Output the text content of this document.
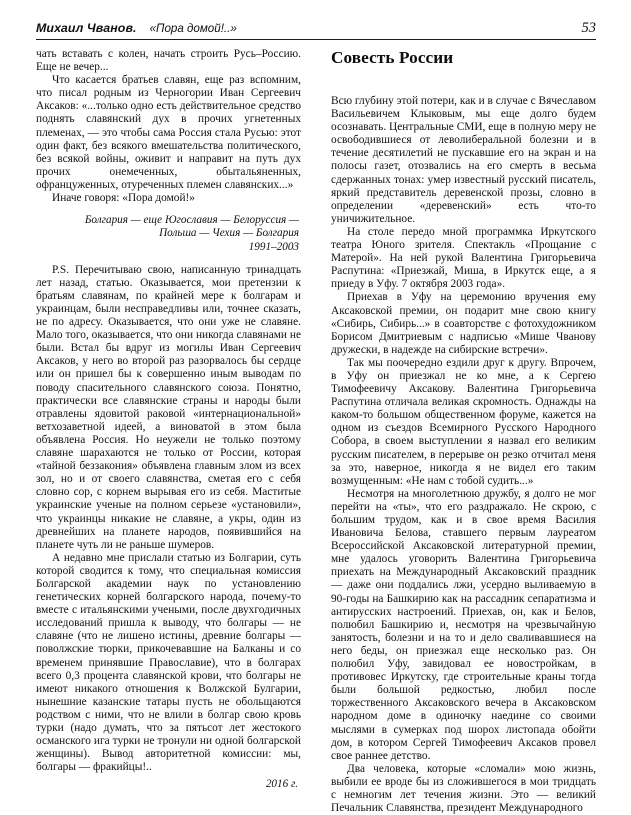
Михаил Чванов. «Пора домой!..»	53

чать вставать с колен, начать строить Русь–Россию. Еще не вечер...

Что касается братьев славян, еще раз вспомним, что писал родным из Черногории Иван Сергеевич Аксаков: «...только одно есть действительное средство поднять славянский дух в прочих угнетенных племенах, — это чтобы сама Россия стала Русью: этот один факт, без всякого вмешательства политического, без всякой войны, оживит и направит на путь дух прочих онемеченных, обытальяненных, офранцуженных, отуреченных племен славянских...»

Иначе говоря: «Пора домой!»

Болгария — еще Югославия — Белоруссия —
Польша — Чехия — Болгария
1991–2003

P.S. Перечитываю свою, написанную тринадцать лет назад, статью. Оказывается, мои претензии к братьям славянам, по крайней мере к болгарам и украинцам, были несправедливы или, точнее сказать, не по адресу. Оказывается, что они уже не славяне. Мало того, оказывается, что они никогда славянами не были. Встал бы вдруг из могилы Иван Сергеевич Аксаков, у него во второй раз разорвалось бы сердце или он пришел бы к совершенно иным выводам по поводу спасительного славянского союза. Понятно, практически все славянские страны и народы были отравлены ядовитой раковой «интернациональной» ветхозаветной идеей, а виноватой в этом была объявлена Россия. Но неужели не только поэтому славяне шарахаются не только от России, которая «тайной беззакония» объявлена главным злом из всех зол, но и от своего славянства, сметая его с себя словно сор, с корнем вырывая его из себя. Маститые украинские ученые на полном серьезе «установили», что украинцы никакие не славяне, а укры, один из древнейших на планете народов, появившийся на планете чуть ли не раньше шумеров.

А недавно мне прислали статью из Болгарии, суть которой сводится к тому, что специальная комиссия Болгарской академии наук по установлению генетических корней болгарского народа, почему-то вместе с итальянскими учеными, после двухгодичных исследований пришла к выводу, что болгары — не славяне (что не лишено истины, древние болгары — поволжские тюрки, прикочевавшие на Балканы и со временем принявшие Православие), что в болгарах всего 0,3 процента славянской крови, что болгары не имеют никакого отношения к Волжской Булгарии, нынешние казанские татары пусть не обольщаются родством с ними, что не влили в болгар свою кровь турки (надо думать, что за пятьсот лет жестокого османского ига турки не тронули ни одной болгарской женщины). Вывод авторитетной комиссии: мы, болгары — фракийцы!..

2016 г.

Совесть России

Всю глубину этой потери, как и в случае с Вячеславом Васильевичем Клыковым, мы еще долго будем осознавать. Центральные СМИ, еще в полную меру не освободившиеся от леволиберальной болезни и в течение десятилетий не пускавшие его на экран и на полосы газет, отозвались на его смерть в весьма сдержанных тонах: умер известный русский писатель, яркий представитель деревенской прозы, словно в определении «деревенский» есть что-то уничижительное.

На столе передо мной программка Иркутского театра Юного зрителя. Спектакль «Прощание с Матерой». На ней рукой Валентина Григорьевича Распутина: «Приезжай, Миша, в Иркутск еще, а я приеду в Уфу. 7 октября 2003 года».

Приехав в Уфу на церемонию вручения ему Аксаковской премии, он подарит мне свою книгу «Сибирь, Сибирь...» в соавторстве с фотохудожником Борисом Дмитриевым с надписью «Мише Чванову дружески, в надежде на сибирские встречи».

Так мы поочередно ездили друг к другу. Впрочем, в Уфу он приезжал не ко мне, а к Сергею Тимофеевичу Аксакову. Валентина Григорьевича Распутина отличала великая скромность. Однажды на каком-то большом общественном форуме, кажется на одном из съездов Всемирного Русского Народного Собора, в своем выступлении я назвал его великим русским писателем, в перерыве он резко отчитал меня за это, наверное, никогда я не видел его таким возмущенным: «Не нам с тобой судить...»

Несмотря на многолетнюю дружбу, я долго не мог перейти на «ты», что его раздражало. Не скрою, с большим трудом, как и в свое время Василия Ивановича Белова, ставшего первым лауреатом Всероссийской Аксаковской литературной премии, мне удалось уговорить Валентина Григорьевича приехать на Международный Аксаковский праздник — даже они поддались лжи, усердно выливаемую в 90-годы на Башкирию как на рассадник сепаратизма и антирусских настроений. Приехав, он, как и Белов, полюбил Башкирию и, несмотря на чрезвычайную занятость, болезни и на то и дело сваливавшиеся на него беды, он приезжал еще несколько раз. Он полюбил Уфу, завидовал ее новостройкам, в противовес Иркутску, где строительные краны тогда были большой редкостью, любил после торжественного Аксаковского вечера в Аксаковском народном доме в одиночку наедине со своими мыслями в сумерках под шорох листопада обойти дом, в котором Сергей Тимофеевич Аксаков провел свое раннее детство.

Два человека, которые «сломали» мою жизнь, выбили ее вроде бы из сложившегося в мои тридцать с немногим лет течения жизни. Это — великий Печальник Славянства, президент Международного
